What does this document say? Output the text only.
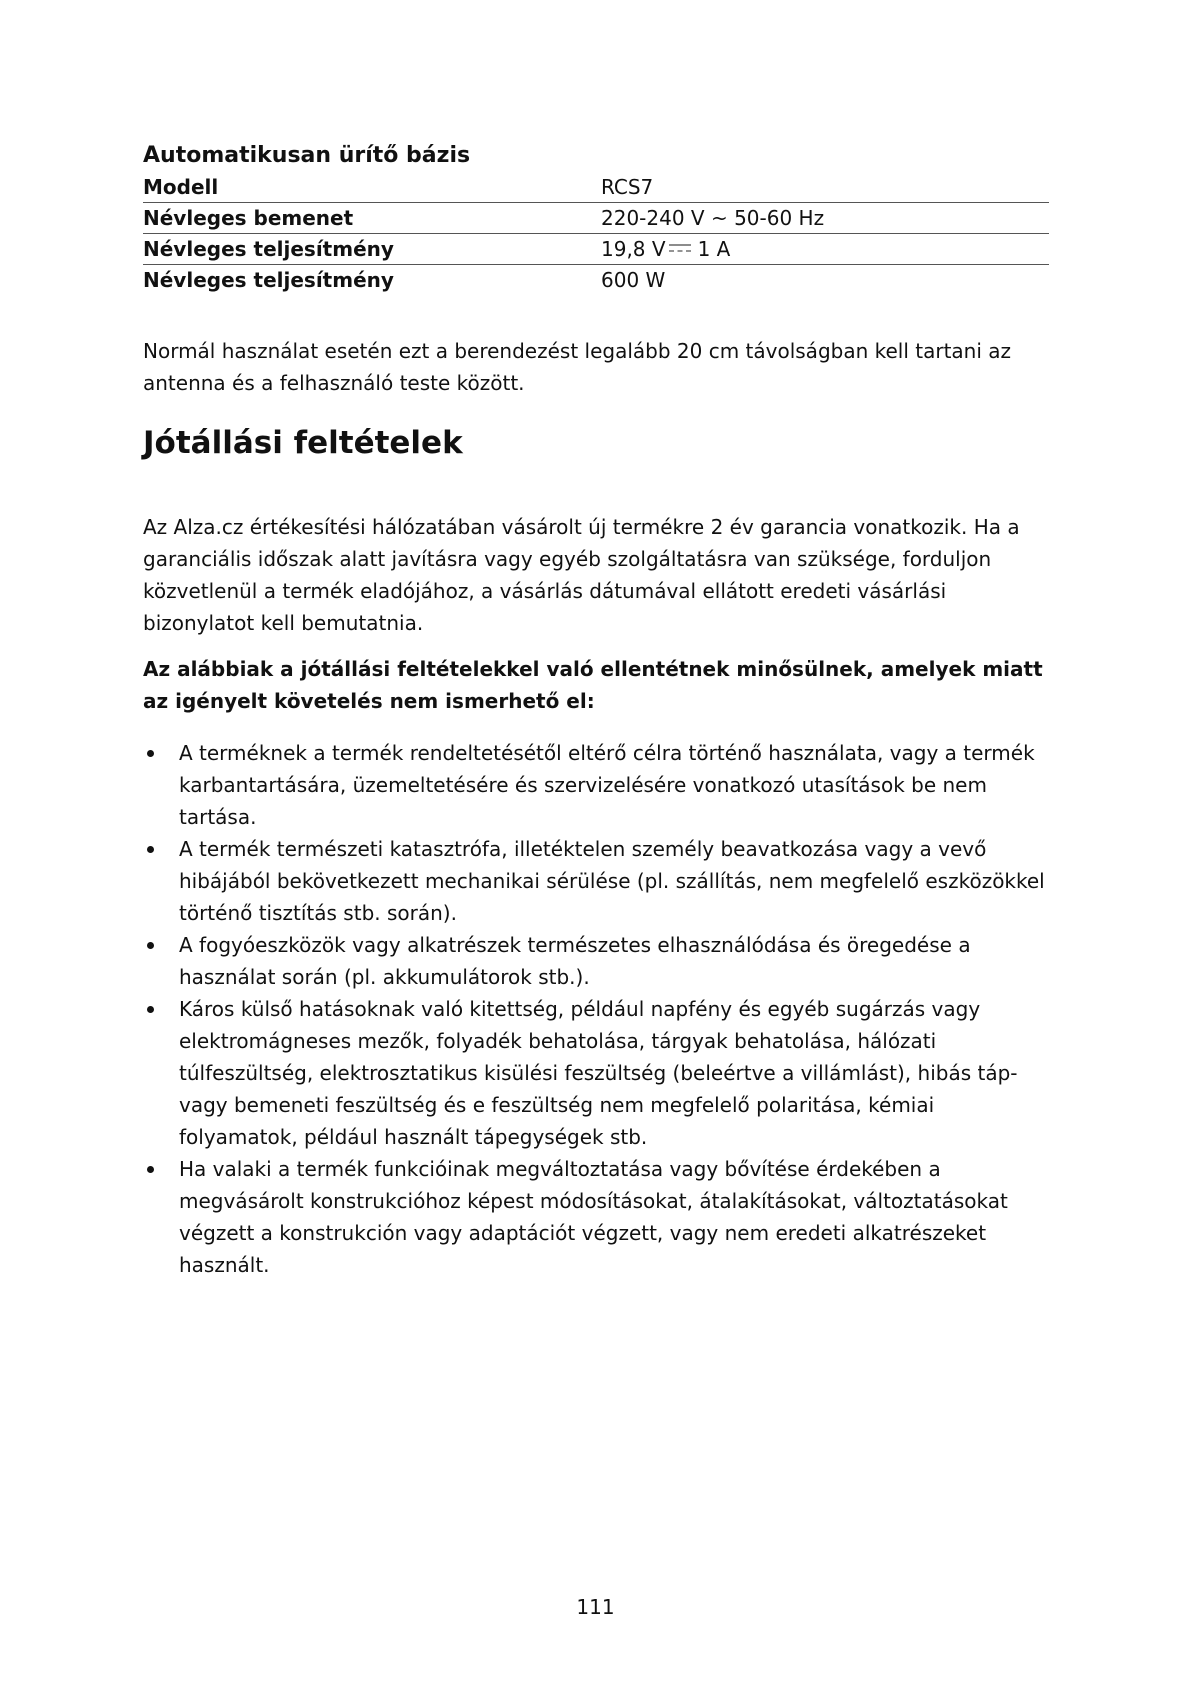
Automatikusan ürítő bázis
Modell	RCS7
Névleges bemenet	220-240 V ~ 50-60 Hz
Névleges teljesítmény	19,8 V 1 A
Névleges teljesítmény	600 W

Normál használat esetén ezt a berendezést legalább 20 cm távolságban kell tartani az antenna és a felhasználó teste között.

Jótállási feltételek

Az Alza.cz értékesítési hálózatában vásárolt új termékre 2 év garancia vonatkozik. Ha a garanciális időszak alatt javításra vagy egyéb szolgáltatásra van szüksége, forduljon közvetlenül a termék eladójához, a vásárlás dátumával ellátott eredeti vásárlási bizonylatot kell bemutatnia.

Az alábbiak a jótállási feltételekkel való ellentétnek minősülnek, amelyek miatt az igényelt követelés nem ismerhető el:

A terméknek a termék rendeltetésétől eltérő célra történő használata, vagy a termék karbantartására, üzemeltetésére és szervizelésére vonatkozó utasítások be nem tartása.
A termék természeti katasztrófa, illetéktelen személy beavatkozása vagy a vevő hibájából bekövetkezett mechanikai sérülése (pl. szállítás, nem megfelelő eszközökkel történő tisztítás stb. során).
A fogyóeszközök vagy alkatrészek természetes elhasználódása és öregedése a használat során (pl. akkumulátorok stb.).
Káros külső hatásoknak való kitettség, például napfény és egyéb sugárzás vagy elektromágneses mezők, folyadék behatolása, tárgyak behatolása, hálózati túlfeszültség, elektrosztatikus kisülési feszültség (beleértve a villámlást), hibás táp- vagy bemeneti feszültség és e feszültség nem megfelelő polaritása, kémiai folyamatok, például használt tápegységek stb.
Ha valaki a termék funkcióinak megváltoztatása vagy bővítése érdekében a megvásárolt konstrukcióhoz képest módosításokat, átalakításokat, változtatásokat végzett a konstrukción vagy adaptációt végzett, vagy nem eredeti alkatrészeket használt.
111
